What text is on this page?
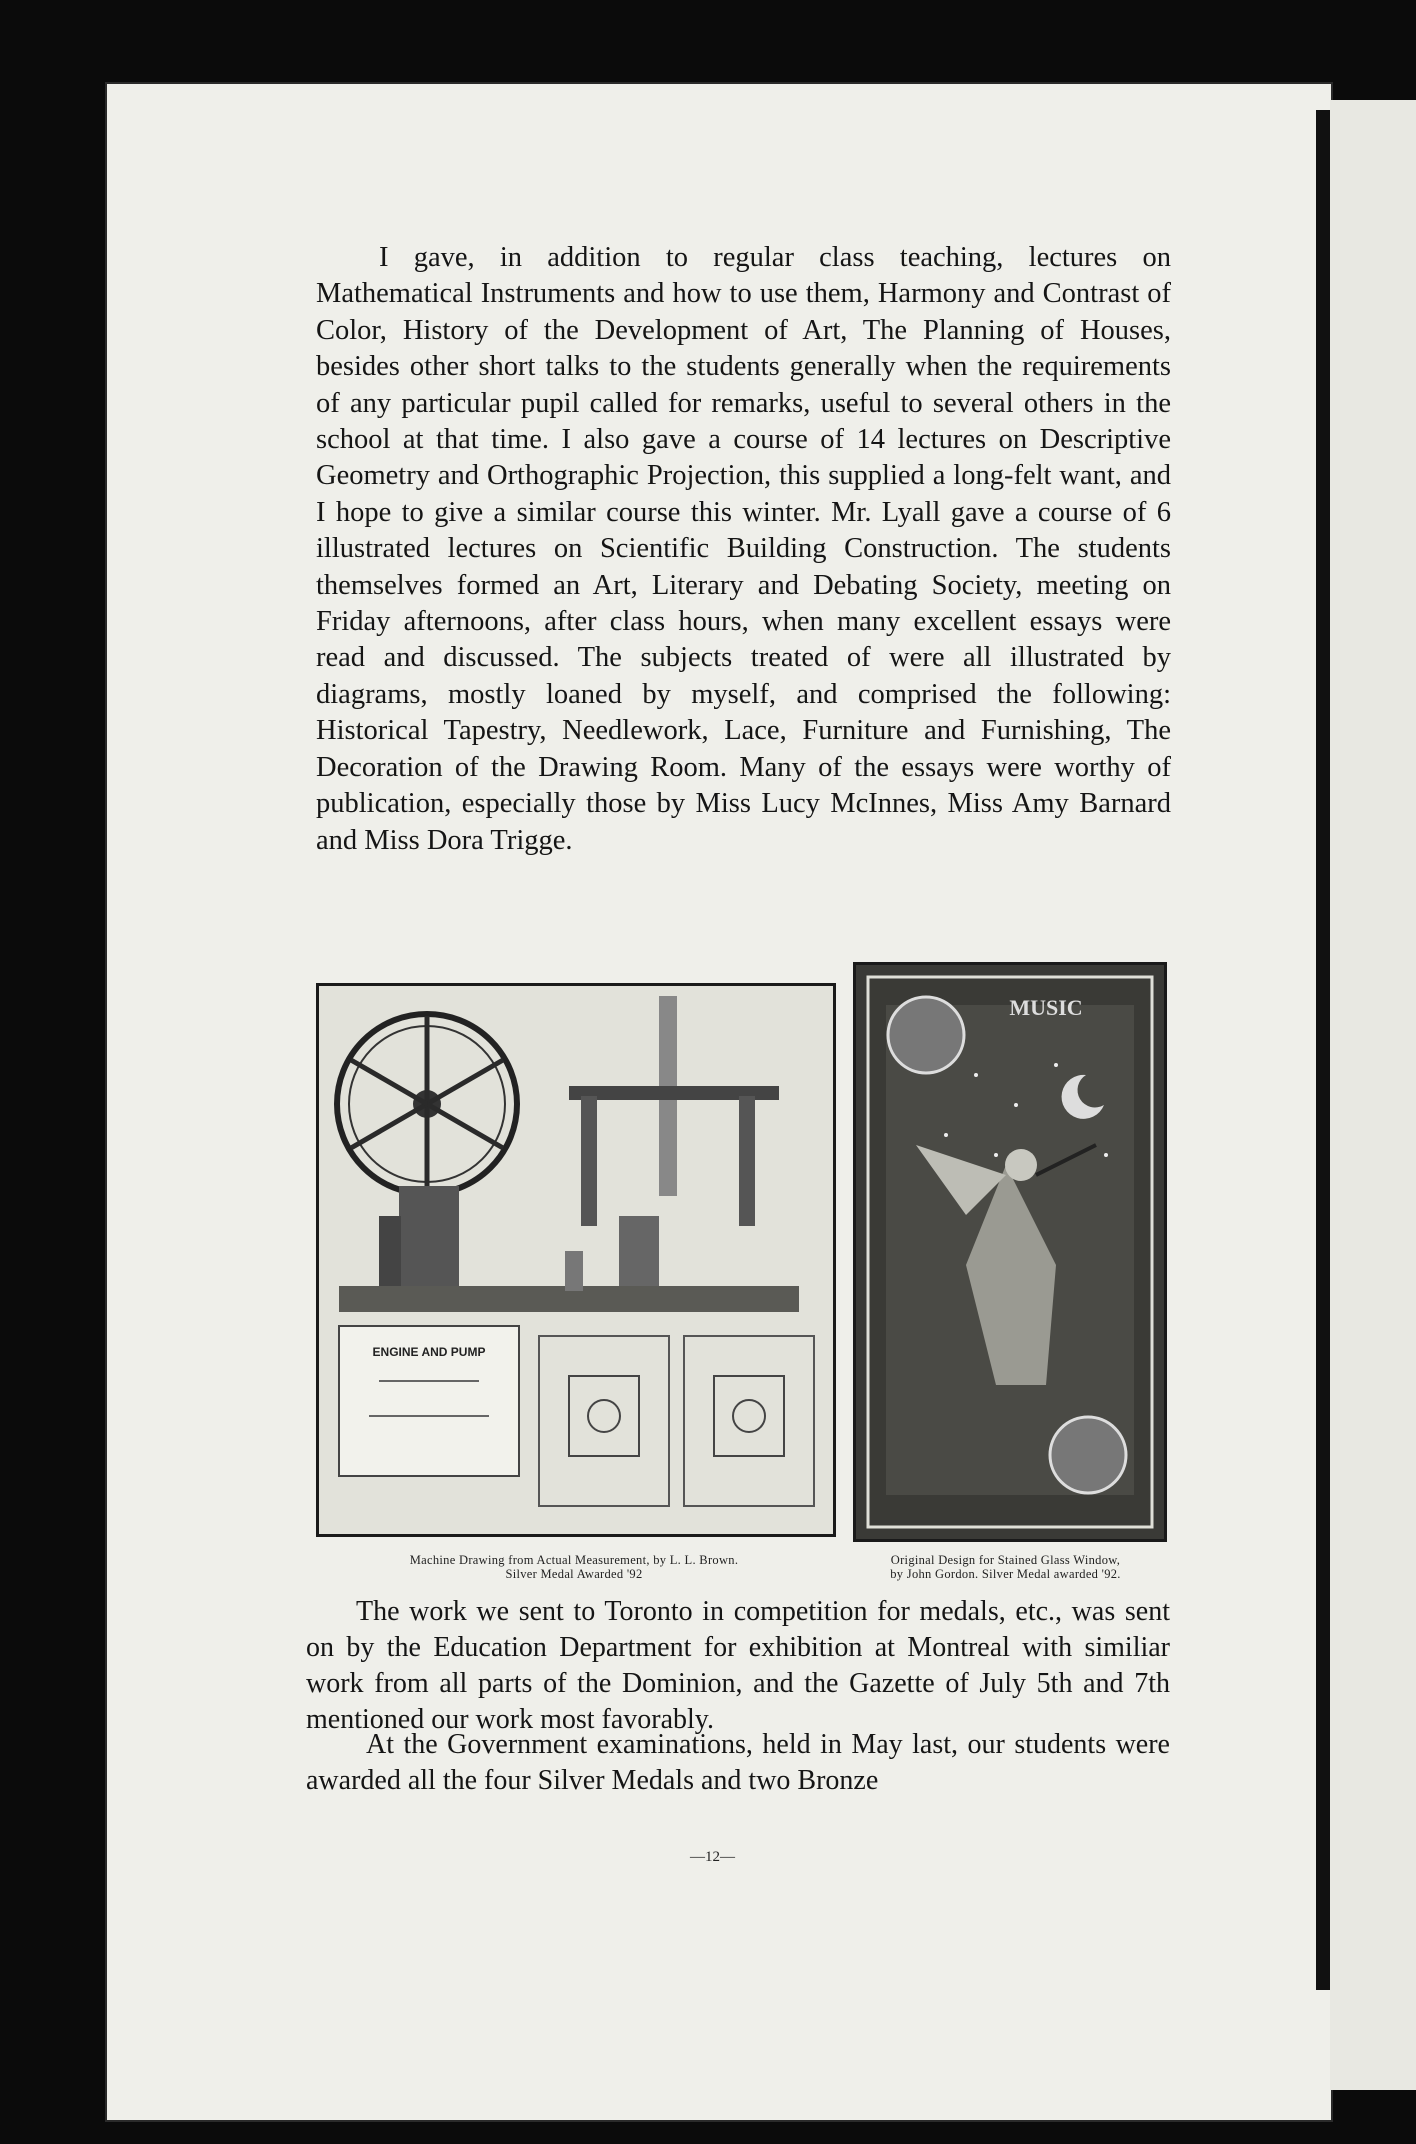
I gave, in addition to regular class teaching, lectures on Mathematical Instruments and how to use them, Harmony and Contrast of Color, History of the Development of Art, The Planning of Houses, besides other short talks to the students generally when the requirements of any particular pupil called for remarks, useful to several others in the school at that time. I also gave a course of 14 lectures on Descriptive Geometry and Orthographic Projection, this supplied a long-felt want, and I hope to give a similar course this winter. Mr. Lyall gave a course of 6 illustrated lectures on Scientific Building Construction. The students themselves formed an Art, Literary and Debating Society, meeting on Friday afternoons, after class hours, when many excellent essays were read and discussed. The subjects treated of were all illustrated by diagrams, mostly loaned by myself, and comprised the following: Historical Tapestry, Needlework, Lace, Furniture and Furnishing, The Decoration of the Drawing Room. Many of the essays were worthy of publication, especially those by Miss Lucy McInnes, Miss Amy Barnard and Miss Dora Trigge.

ENGINE AND PUMP
MUSIC
Machine Drawing from Actual Measurement, by L. L. Brown.
Silver Medal Awarded '92
Original Design for Stained Glass Window,
by John Gordon. Silver Medal awarded '92.

The work we sent to Toronto in competition for medals, etc., was sent on by the Education Department for exhibition at Montreal with similiar work from all parts of the Dominion, and the Gazette of July 5th and 7th mentioned our work most favorably.

At the Government examinations, held in May last, our students were awarded all the four Silver Medals and two Bronze

—12—
